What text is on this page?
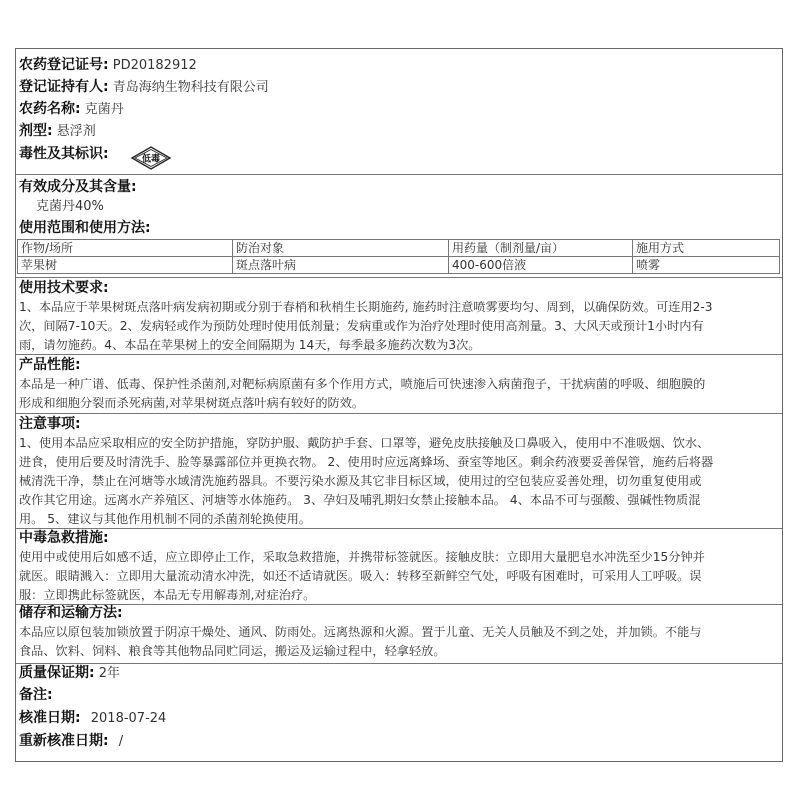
农药登记证号: PD20182912
登记证持有人: 青岛海纳生物科技有限公司
农药名称: 克菌丹
剂型: 悬浮剂
毒性及其标识:	低毒
有效成分及其含量:
克菌丹40%
使用范围和使用方法:
作物/场所	防治对象	用药量（制剂量/亩）	施用方式
苹果树	斑点落叶病	400-600倍液	喷雾
使用技术要求:
1、本品应于苹果树斑点落叶病发病初期或分别于春梢和秋梢生长期施药, 施药时注意喷雾要均匀、周到，以确保防效。可连用2-3
次，间隔7-10天。2、发病轻或作为预防处理时使用低剂量；发病重或作为治疗处理时使用高剂量。3、大风天或预计1小时内有
雨，请勿施药。4、本品在苹果树上的安全间隔期为 14天，每季最多施药次数为3次。
产品性能:
本品是一种广谱、低毒、保护性杀菌剂,对靶标病原菌有多个作用方式，喷施后可快速渗入病菌孢子，干扰病菌的呼吸、细胞膜的
形成和细胞分裂而杀死病菌,对苹果树斑点落叶病有较好的防效。
注意事项:
1、使用本品应采取相应的安全防护措施，穿防护服、戴防护手套、口罩等，避免皮肤接触及口鼻吸入，使用中不准吸烟、饮水、
进食，使用后要及时清洗手、脸等暴露部位并更换衣物。 2、使用时应远离蜂场、蚕室等地区。剩余药液要妥善保管，施药后将器
械清洗干净，禁止在河塘等水域清洗施药器具。不要污染水源及其它非目标区域，使用过的空包装应妥善处理，切勿重复使用或
改作其它用途。远离水产养殖区、河塘等水体施药。 3、孕妇及哺乳期妇女禁止接触本品。 4、本品不可与强酸、强碱性物质混
用。 5、建议与其他作用机制不同的杀菌剂轮换使用。
中毒急救措施:
使用中或使用后如感不适，应立即停止工作，采取急救措施，并携带标签就医。接触皮肤：立即用大量肥皂水冲洗至少15分钟并
就医。眼睛溅入：立即用大量流动清水冲洗，如还不适请就医。吸入：转移至新鲜空气处，呼吸有困难时，可采用人工呼吸。误
服：立即携此标签就医，本品无专用解毒剂,对症治疗。
储存和运输方法:
本品应以原包装加锁放置于阴凉干燥处、通风、防雨处。远离热源和火源。置于儿童、无关人员触及不到之处，并加锁。不能与
食品、饮料、饲料、粮食等其他物品同贮同运，搬运及运输过程中，轻拿轻放。
质量保证期: 2年
备注:
核准日期: 2018-07-24
重新核准日期: /
